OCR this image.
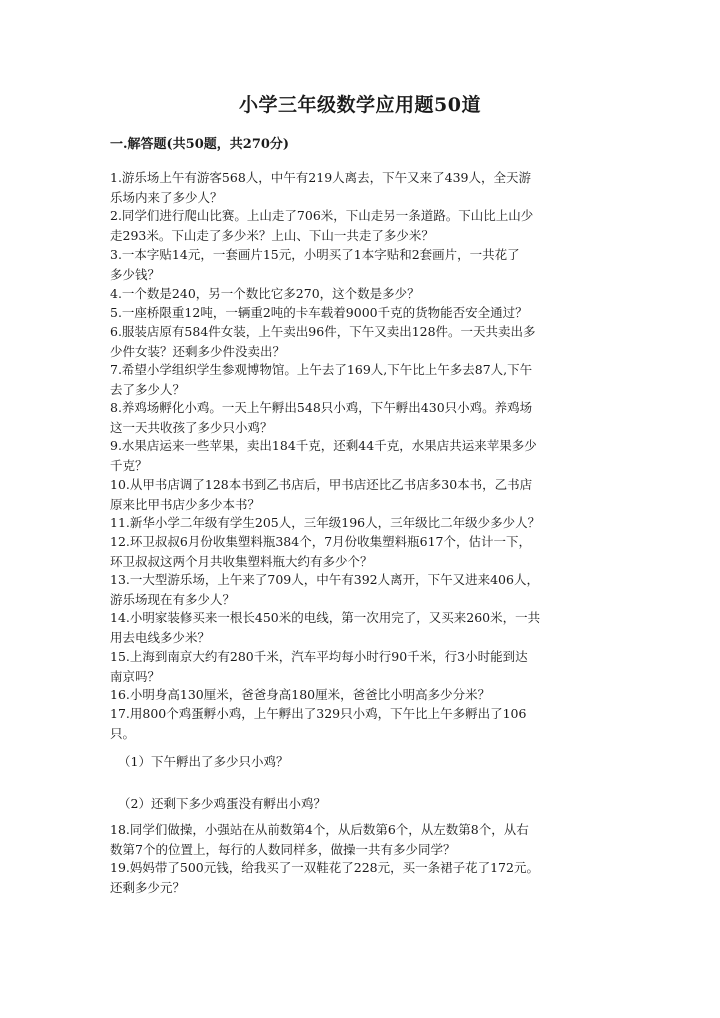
小学三年级数学应用题50道
一.解答题(共50题，共270分)
1.游乐场上午有游客568人，中午有219人离去，下午又来了439人，全天游
乐场内来了多少人？
2.同学们进行爬山比赛。上山走了706米，下山走另一条道路。下山比上山少
走293米。下山走了多少米？上山、下山一共走了多少米？
3.一本字贴14元，一套画片15元，小明买了1本字贴和2套画片，一共花了
多少钱？
4.一个数是240，另一个数比它多270，这个数是多少？
5.一座桥限重12吨，一辆重2吨的卡车载着9000千克的货物能否安全通过？
6.服装店原有584件女装，上午卖出96件，下午又卖出128件。一天共卖出多
少件女装？还剩多少件没卖出？
7.希望小学组织学生参观博物馆。上午去了169人,下午比上午多去87人,下午
去了多少人？
8.养鸡场孵化小鸡。一天上午孵出548只小鸡，下午孵出430只小鸡。养鸡场
这一天共收孩了多少只小鸡？
9.水果店运来一些苹果，卖出184千克，还剩44千克，水果店共运来苹果多少
千克？
10.从甲书店调了128本书到乙书店后，甲书店还比乙书店多30本书，乙书店
原来比甲书店少多少本书？
11.新华小学二年级有学生205人，三年级196人，三年级比二年级少多少人？
12.环卫叔叔6月份收集塑料瓶384个，7月份收集塑料瓶617个，估计一下，
环卫叔叔这两个月共收集塑料瓶大约有多少个？
13.一大型游乐场，上午来了709人，中午有392人离开，下午又进来406人，
游乐场现在有多少人？
14.小明家装修买来一根长450米的电线，第一次用完了，又买来260米，一共
用去电线多少米？
15.上海到南京大约有280千米，汽车平均每小时行90千米，行3小时能到达
南京吗？
16.小明身高130厘米，爸爸身高180厘米，爸爸比小明高多少分米？
17.用800个鸡蛋孵小鸡，上午孵出了329只小鸡，下午比上午多孵出了106
只。
（1）下午孵出了多少只小鸡？
（2）还剩下多少鸡蛋没有孵出小鸡？
18.同学们做操，小强站在从前数第4个，从后数第6个，从左数第8个，从右
数第7个的位置上，每行的人数同样多，做操一共有多少同学？
19.妈妈带了500元钱，给我买了一双鞋花了228元，买一条裙子花了172元。
还剩多少元？
